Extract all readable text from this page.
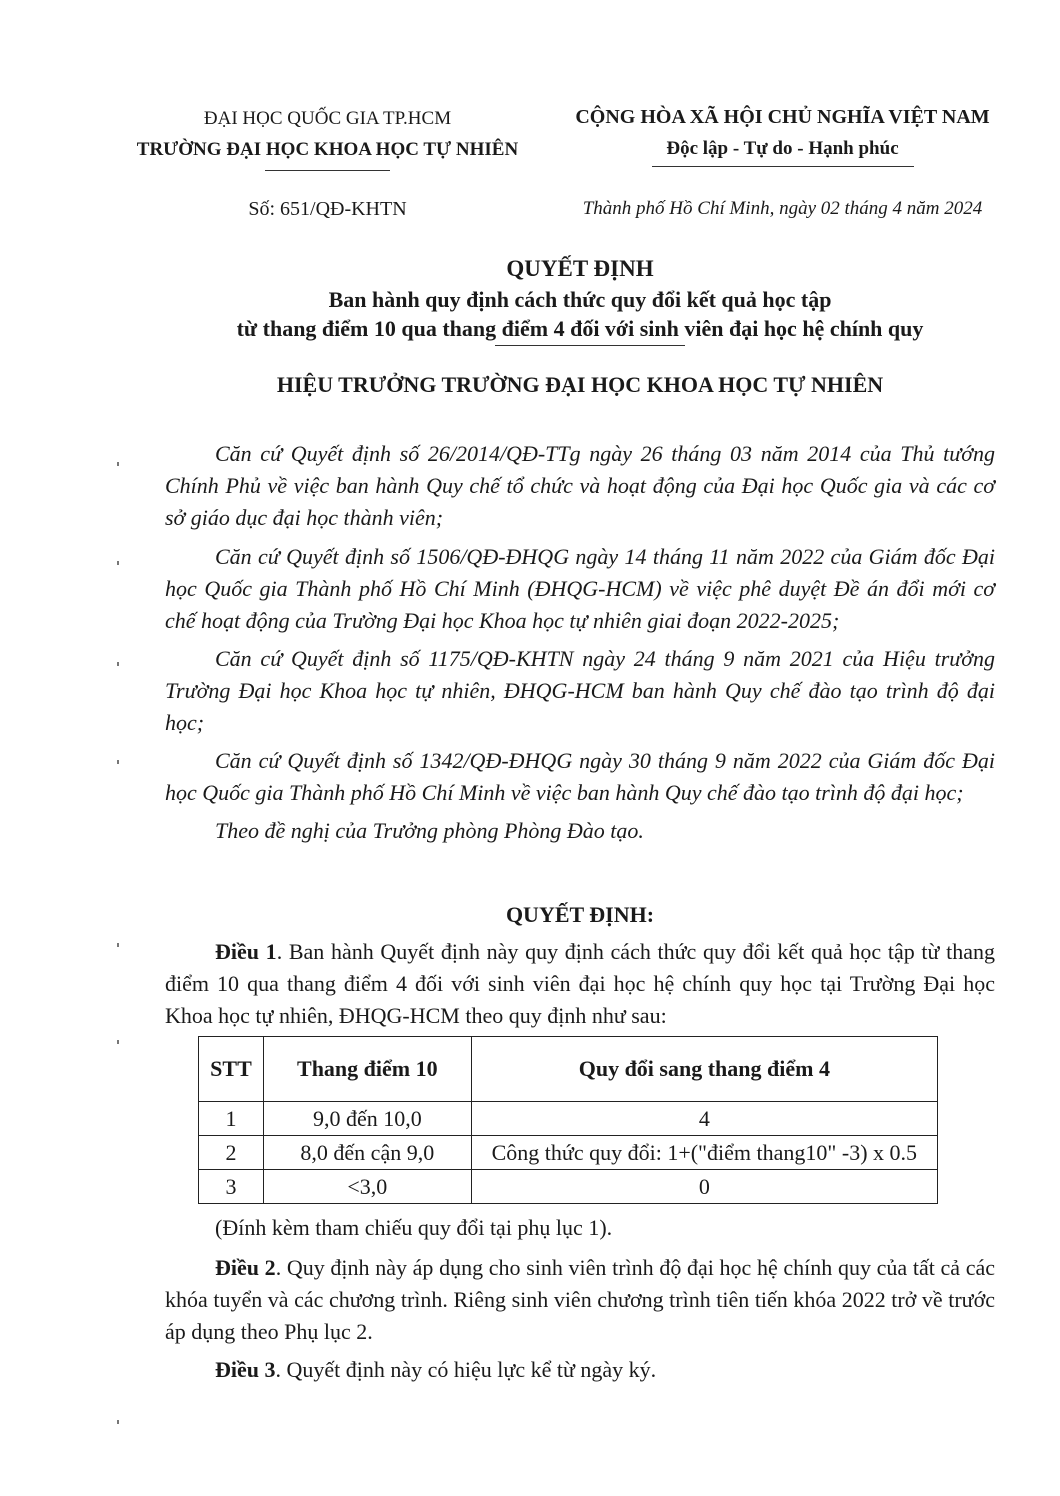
ĐẠI HỌC QUỐC GIA TP.HCM
TRƯỜNG ĐẠI HỌC KHOA HỌC TỰ NHIÊN
Số: 651/QĐ-KHTN
CỘNG HÒA XÃ HỘI CHỦ NGHĨA VIỆT NAM
Độc lập - Tự do - Hạnh phúc
Thành phố Hồ Chí Minh, ngày 02 tháng 4 năm 2024
QUYẾT ĐỊNH
Ban hành quy định cách thức quy đổi kết quả học tập
từ thang điểm 10 qua thang điểm 4 đối với sinh viên đại học hệ chính quy
HIỆU TRƯỞNG TRƯỜNG ĐẠI HỌC KHOA HỌC TỰ NHIÊN
Căn cứ Quyết định số 26/2014/QĐ-TTg ngày 26 tháng 03 năm 2014 của Thủ tướng Chính Phủ về việc ban hành Quy chế tổ chức và hoạt động của Đại học Quốc gia và các cơ sở giáo dục đại học thành viên;
Căn cứ Quyết định số 1506/QĐ-ĐHQG ngày 14 tháng 11 năm 2022 của Giám đốc Đại học Quốc gia Thành phố Hồ Chí Minh (ĐHQG-HCM) về việc phê duyệt Đề án đổi mới cơ chế hoạt động của Trường Đại học Khoa học tự nhiên giai đoạn 2022-2025;
Căn cứ Quyết định số 1175/QĐ-KHTN ngày 24 tháng 9 năm 2021 của Hiệu trưởng Trường Đại học Khoa học tự nhiên, ĐHQG-HCM ban hành Quy chế đào tạo trình độ đại học;
Căn cứ Quyết định số 1342/QĐ-ĐHQG ngày 30 tháng 9 năm 2022 của Giám đốc Đại học Quốc gia Thành phố Hồ Chí Minh về việc ban hành Quy chế đào tạo trình độ đại học;
Theo đề nghị của Trưởng phòng Phòng Đào tạo.
QUYẾT ĐỊNH:
Điều 1. Ban hành Quyết định này quy định cách thức quy đổi kết quả học tập từ thang điểm 10 qua thang điểm 4 đối với sinh viên đại học hệ chính quy học tại Trường Đại học Khoa học tự nhiên, ĐHQG-HCM theo quy định như sau:
STT	Thang điểm 10	Quy đổi sang thang điểm 4
1	9,0 đến 10,0	4
2	8,0 đến cận 9,0	Công thức quy đổi: 1+("điểm thang10" -3) x 0.5
3	<3,0	0
(Đính kèm tham chiếu quy đổi tại phụ lục 1).
Điều 2. Quy định này áp dụng cho sinh viên trình độ đại học hệ chính quy của tất cả các khóa tuyển và các chương trình. Riêng sinh viên chương trình tiên tiến khóa 2022 trở về trước áp dụng theo Phụ lục 2.
Điều 3. Quyết định này có hiệu lực kể từ ngày ký.
